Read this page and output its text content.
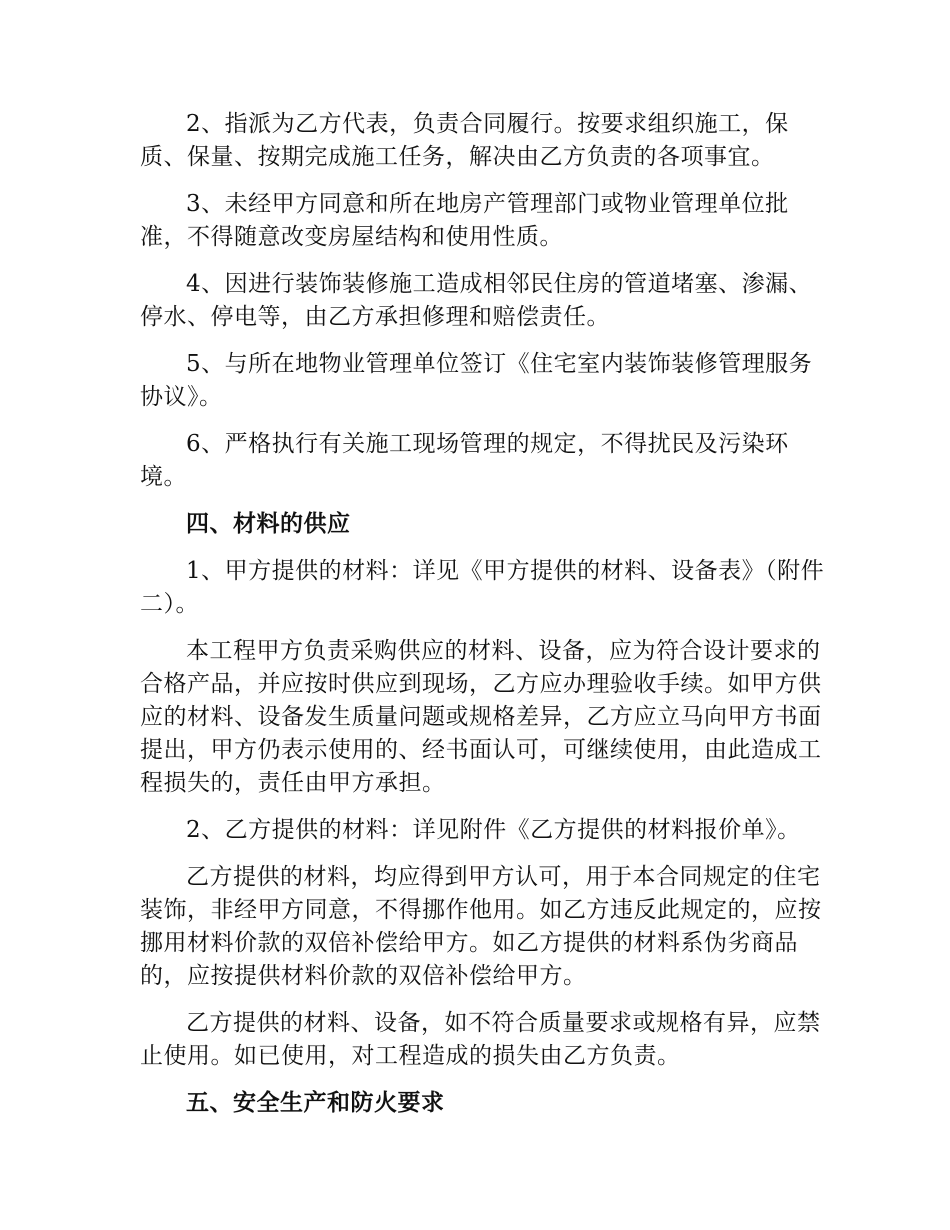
2、指派为乙方代表，负责合同履行。按要求组织施工，保质、保量、按期完成施工任务，解决由乙方负责的各项事宜。

3、未经甲方同意和所在地房产管理部门或物业管理单位批准，不得随意改变房屋结构和使用性质。

4、因进行装饰装修施工造成相邻民住房的管道堵塞、渗漏、停水、停电等，由乙方承担修理和赔偿责任。

5、与所在地物业管理单位签订《住宅室内装饰装修管理服务协议》。

6、严格执行有关施工现场管理的规定，不得扰民及污染环境。

四、材料的供应

1、甲方提供的材料：详见《甲方提供的材料、设备表》（附件二）。

本工程甲方负责采购供应的材料、设备，应为符合设计要求的合格产品，并应按时供应到现场，乙方应办理验收手续。如甲方供应的材料、设备发生质量问题或规格差异，乙方应立马向甲方书面提出，甲方仍表示使用的、经书面认可，可继续使用，由此造成工程损失的，责任由甲方承担。

2、乙方提供的材料：详见附件《乙方提供的材料报价单》。

乙方提供的材料，均应得到甲方认可，用于本合同规定的住宅装饰，非经甲方同意，不得挪作他用。如乙方违反此规定的，应按挪用材料价款的双倍补偿给甲方。如乙方提供的材料系伪劣商品的，应按提供材料价款的双倍补偿给甲方。

乙方提供的材料、设备，如不符合质量要求或规格有异，应禁止使用。如已使用，对工程造成的损失由乙方负责。

五、安全生产和防火要求
